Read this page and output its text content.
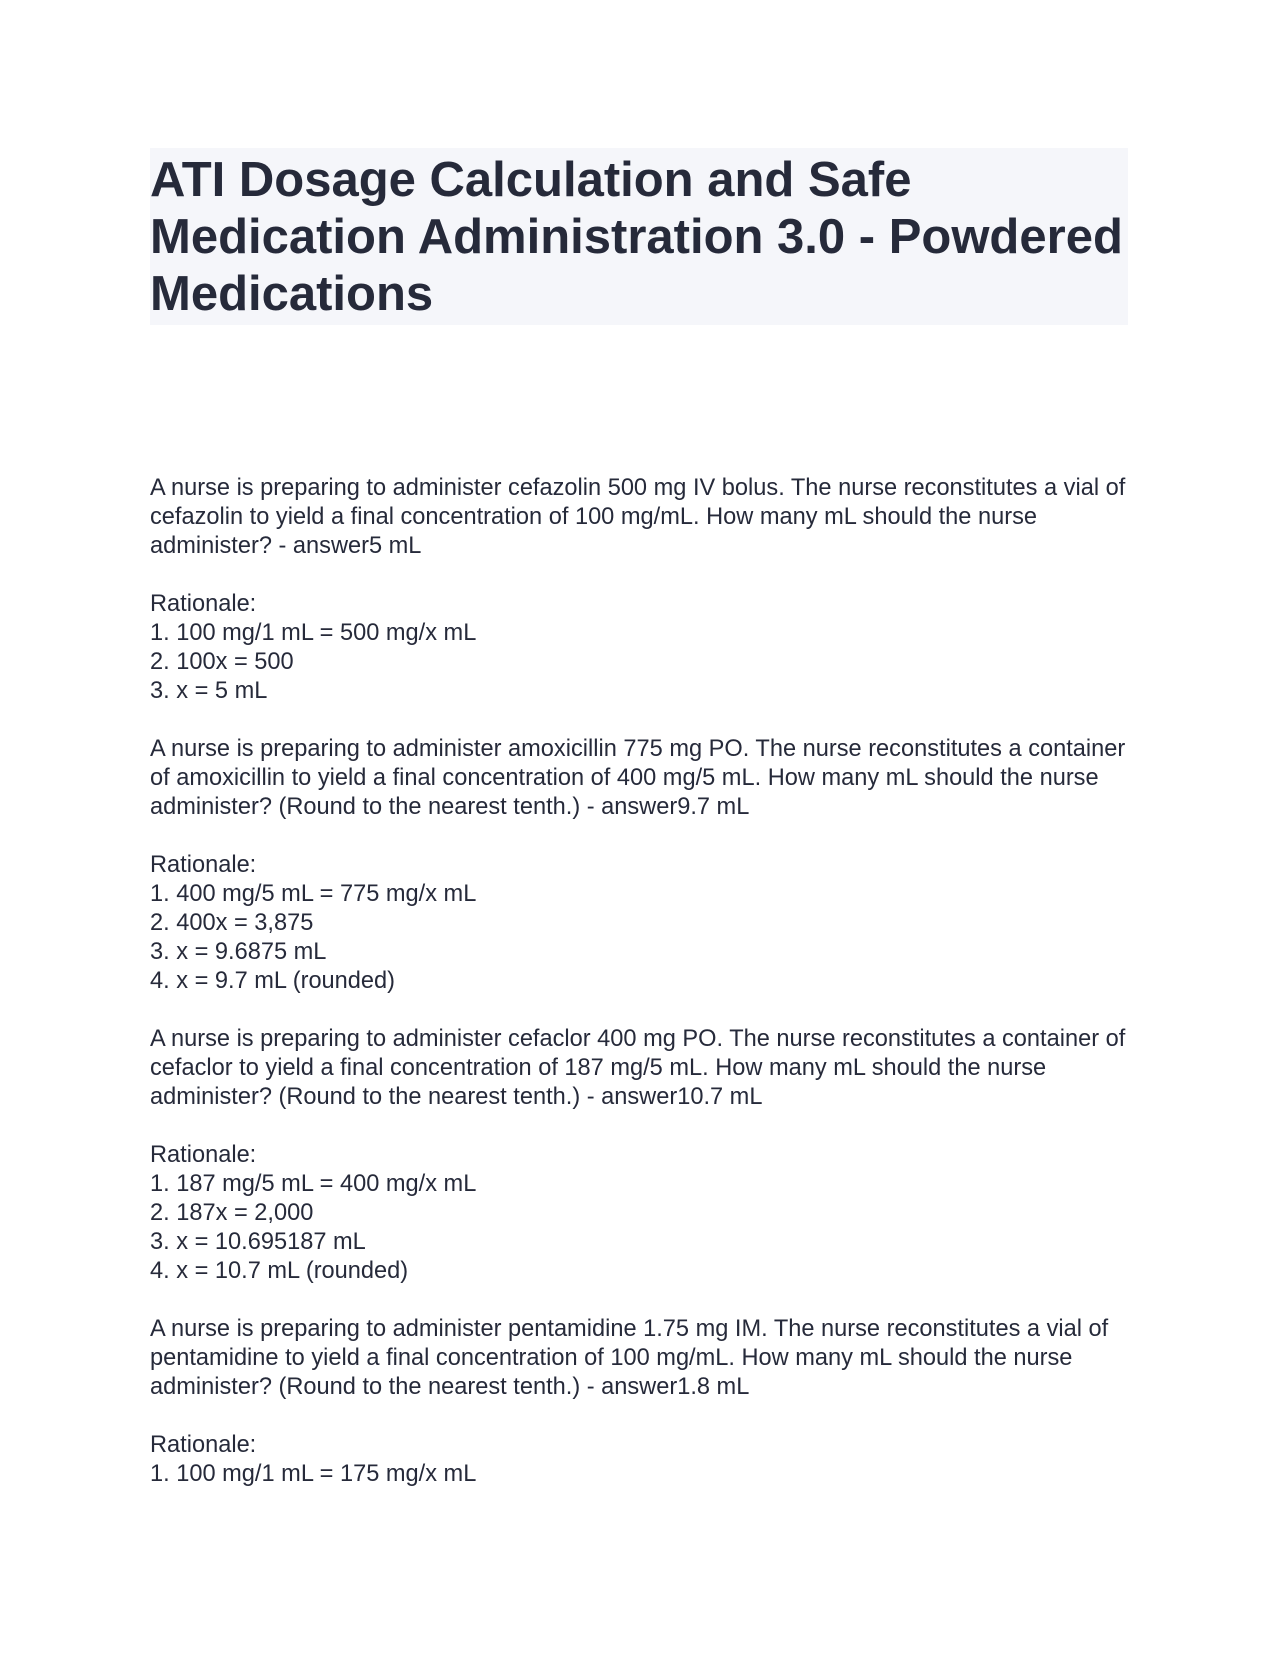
ATI Dosage Calculation and Safe Medication Administration 3.0 - Powdered Medications

A nurse is preparing to administer cefazolin 500 mg IV bolus. The nurse reconstitutes a vial of cefazolin to yield a final concentration of 100 mg/mL. How many mL should the nurse administer? - answer5 mL

Rationale:
1. 100 mg/1 mL = 500 mg/x mL
2. 100x = 500
3. x = 5 mL

A nurse is preparing to administer amoxicillin 775 mg PO. The nurse reconstitutes a container of amoxicillin to yield a final concentration of 400 mg/5 mL. How many mL should the nurse administer? (Round to the nearest tenth.) - answer9.7 mL

Rationale:
1. 400 mg/5 mL = 775 mg/x mL
2. 400x = 3,875
3. x = 9.6875 mL
4. x = 9.7 mL (rounded)

A nurse is preparing to administer cefaclor 400 mg PO. The nurse reconstitutes a container of cefaclor to yield a final concentration of 187 mg/5 mL. How many mL should the nurse administer? (Round to the nearest tenth.) - answer10.7 mL

Rationale:
1. 187 mg/5 mL = 400 mg/x mL
2. 187x = 2,000
3. x = 10.695187 mL
4. x = 10.7 mL (rounded)

A nurse is preparing to administer pentamidine 1.75 mg IM. The nurse reconstitutes a vial of pentamidine to yield a final concentration of 100 mg/mL. How many mL should the nurse administer? (Round to the nearest tenth.) - answer1.8 mL

Rationale:
1. 100 mg/1 mL = 175 mg/x mL
